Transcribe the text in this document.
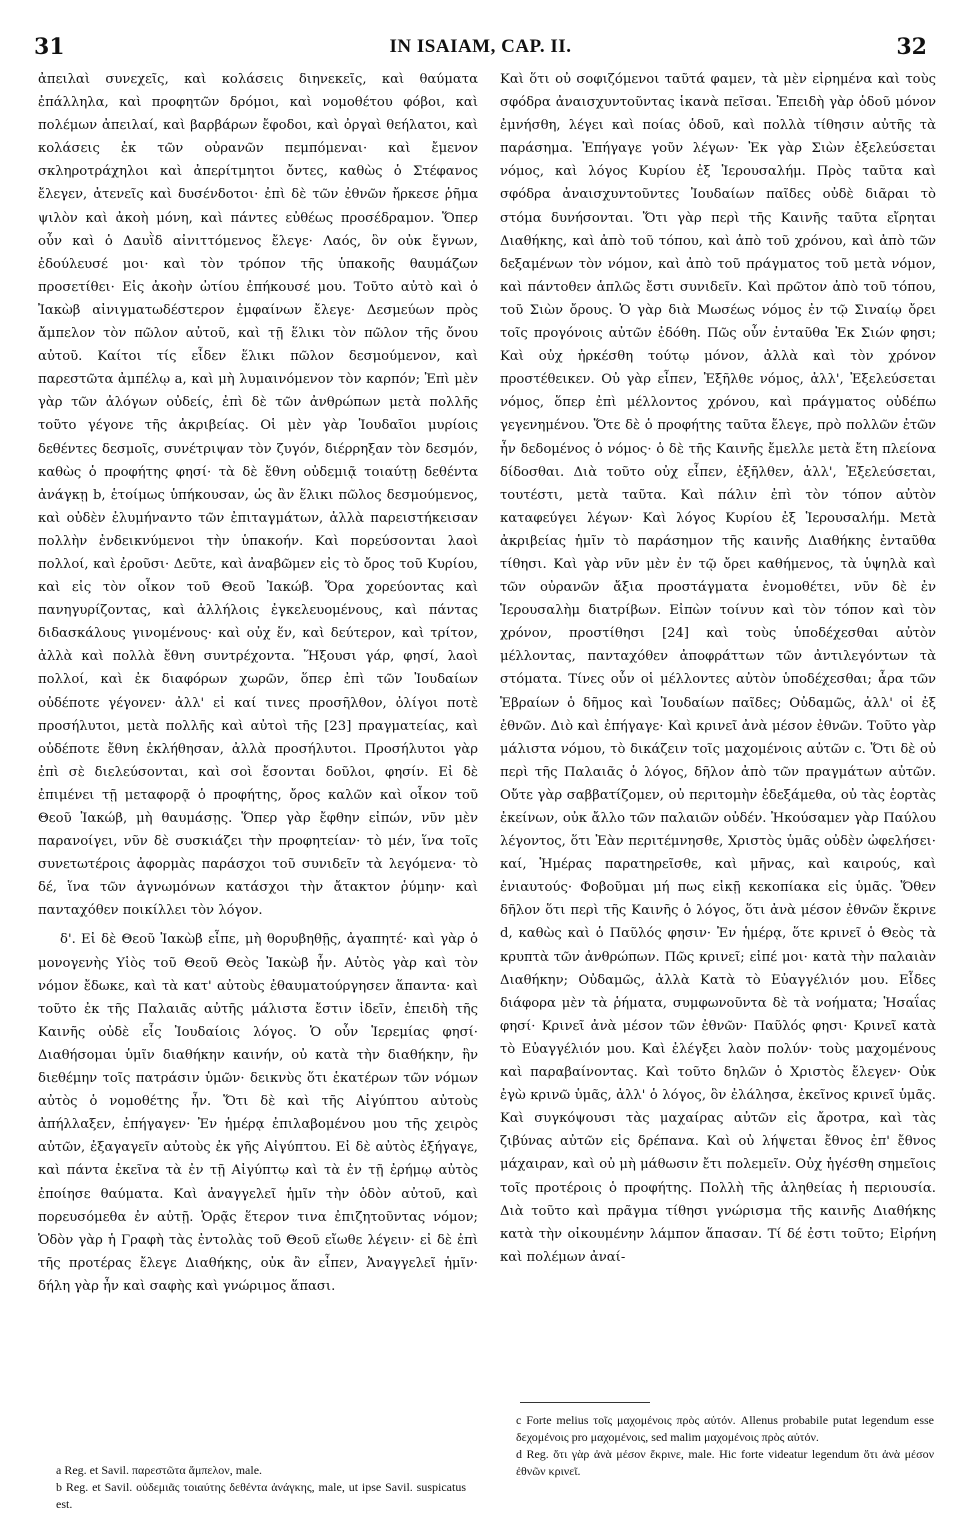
31	IN ISAIAM, CAP. II.	32

ἀπειλαὶ συνεχεῖς, καὶ κολάσεις διηνεκεῖς, καὶ θαύματα ἐπάλληλα, καὶ προφητῶν δρόμοι, καὶ νομοθέτου φόβοι, καὶ πολέμων ἀπειλαί, καὶ βαρβάρων ἔφοδοι, καὶ ὀργαὶ θεήλατοι, καὶ κολάσεις ἐκ τῶν οὐρανῶν πεμπόμεναι· καὶ ἔμενον σκληροτράχηλοι καὶ ἀπερίτμητοι ὄντες, καθὼς ὁ Στέφανος ἔλεγεν, ἀτενεῖς καὶ δυσένδοτοι· ἐπὶ δὲ τῶν ἐθνῶν ἤρκεσε ῥῆμα ψιλὸν καὶ ἀκοὴ μόνη, καὶ πάντες εὐθέως προσέδραμον. Ὅπερ οὖν καὶ ὁ Δαυῒδ αἰνιττόμενος ἔλεγε· Λαός, ὃν οὐκ ἔγνων, ἐδούλευσέ μοι· καὶ τὸν τρόπον τῆς ὑπακοῆς θαυμάζων προσετίθει· Εἰς ἀκοὴν ὠτίου ἐπήκουσέ μου. Τοῦτο αὐτὸ καὶ ὁ Ἰακὼβ αἰνιγματωδέστερον ἐμφαίνων ἔλεγε· Δεσμεύων πρὸς ἄμπελον τὸν πῶλον αὐτοῦ, καὶ τῇ ἕλικι τὸν πῶλον τῆς ὄνου αὐτοῦ. Καίτοι τίς εἶδεν ἕλικι πῶλον δεσμούμενον, καὶ παρεστῶτα ἀμπέλῳ a, καὶ μὴ λυμαινόμενον τὸν καρπόν; Ἐπὶ μὲν γὰρ τῶν ἀλόγων οὐδείς, ἐπὶ δὲ τῶν ἀνθρώπων μετὰ πολλῆς τοῦτο γέγονε τῆς ἀκριβείας. Οἱ μὲν γὰρ Ἰουδαῖοι μυρίοις δεθέντες δεσμοῖς, συνέτριψαν τὸν ζυγόν, διέρρηξαν τὸν δεσμόν, καθὼς ὁ προφήτης φησί· τὰ δὲ ἔθνη οὐδεμιᾷ τοιαύτῃ δεθέντα ἀνάγκῃ b, ἑτοίμως ὑπήκουσαν, ὡς ἂν ἕλικι πῶλος δεσμούμενος, καὶ οὐδὲν ἐλυμήναντο τῶν ἐπιταγμάτων, ἀλλὰ παρειστήκεισαν πολλὴν ἐνδεικνύμενοι τὴν ὑπακοήν. Καὶ πορεύσονται λαοὶ πολλοί, καὶ ἐροῦσι· Δεῦτε, καὶ ἀναβῶμεν εἰς τὸ ὄρος τοῦ Κυρίου, καὶ εἰς τὸν οἶκον τοῦ Θεοῦ Ἰακώβ. Ὅρα χορεύοντας καὶ πανηγυρίζοντας, καὶ ἀλλήλοις ἐγκελευομένους, καὶ πάντας διδασκάλους γινομένους· καὶ οὐχ ἕν, καὶ δεύτερον, καὶ τρίτον, ἀλλὰ καὶ πολλὰ ἔθνη συντρέχοντα. Ἥξουσι γάρ, φησί, λαοὶ πολλοί, καὶ ἐκ διαφόρων χωρῶν, ὅπερ ἐπὶ τῶν Ἰουδαίων οὐδέποτε γέγονεν· ἀλλ' εἰ καί τινες προσῆλθον, ὀλίγοι ποτὲ προσήλυτοι, μετὰ πολλῆς καὶ αὐτοὶ τῆς [23] πραγματείας, καὶ οὐδέποτε ἔθνη ἐκλήθησαν, ἀλλὰ προσήλυτοι. Προσήλυτοι γὰρ ἐπὶ σὲ διελεύσονται, καὶ σοὶ ἔσονται δοῦλοι, φησίν. Εἰ δὲ ἐπιμένει τῇ μεταφορᾷ ὁ προφήτης, ὄρος καλῶν καὶ οἶκον τοῦ Θεοῦ Ἰακώβ, μὴ θαυμάσῃς. Ὅπερ γὰρ ἔφθην εἰπών, νῦν μὲν παρανοίγει, νῦν δὲ συσκιάζει τὴν προφητείαν· τὸ μέν, ἵνα τοῖς συνετωτέροις ἀφορμὰς παράσχοι τοῦ συνιδεῖν τὰ λεγόμενα· τὸ δέ, ἵνα τῶν ἀγνωμόνων κατάσχοι τὴν ἄτακτον ῥύμην· καὶ πανταχόθεν ποικίλλει τὸν λόγον.

δ'. Εἰ δὲ Θεοῦ Ἰακὼβ εἶπε, μὴ θορυβηθῇς, ἀγαπητέ· καὶ γὰρ ὁ μονογενὴς Υἱὸς τοῦ Θεοῦ Θεὸς Ἰακὼβ ἦν. Αὐτὸς γὰρ καὶ τὸν νόμον ἔδωκε, καὶ τὰ κατ' αὐτοὺς ἐθαυματούργησεν ἅπαντα· καὶ τοῦτο ἐκ τῆς Παλαιᾶς αὐτῆς μάλιστα ἔστιν ἰδεῖν, ἐπειδὴ τῆς Καινῆς οὐδὲ εἷς Ἰουδαίοις λόγος. Ὁ οὖν Ἱερεμίας φησί· Διαθήσομαι ὑμῖν διαθήκην καινήν, οὐ κατὰ τὴν διαθήκην, ἣν διεθέμην τοῖς πατράσιν ὑμῶν· δεικνὺς ὅτι ἑκατέρων τῶν νόμων αὐτὸς ὁ νομοθέτης ἦν. Ὅτι δὲ καὶ τῆς Αἰγύπτου αὐτοὺς ἀπήλλαξεν, ἐπήγαγεν· Ἐν ἡμέρᾳ ἐπιλαβομένου μου τῆς χειρὸς αὐτῶν, ἐξαγαγεῖν αὐτοὺς ἐκ γῆς Αἰγύπτου. Εἰ δὲ αὐτὸς ἐξήγαγε, καὶ πάντα ἐκεῖνα τὰ ἐν τῇ Αἰγύπτῳ καὶ τὰ ἐν τῇ ἐρήμῳ αὐτὸς ἐποίησε θαύματα. Καὶ ἀναγγελεῖ ἡμῖν τὴν ὁδὸν αὐτοῦ, καὶ πορευσόμεθα ἐν αὐτῇ. Ὁρᾷς ἕτερον τινα ἐπιζητοῦντας νόμον; Ὁδὸν γὰρ ἡ Γραφὴ τὰς ἐντολὰς τοῦ Θεοῦ εἴωθε λέγειν· εἰ δὲ ἐπὶ τῆς προτέρας ἔλεγε Διαθήκης, οὐκ ἂν εἶπεν, Ἀναγγελεῖ ἡμῖν· δήλη γὰρ ἦν καὶ σαφὴς καὶ γνώριμος ἅπασι.

Καὶ ὅτι οὐ σοφιζόμενοι ταῦτά φαμεν, τὰ μὲν εἰρημένα καὶ τοὺς σφόδρα ἀναισχυντοῦντας ἱκανὰ πεῖσαι. Ἐπειδὴ γὰρ ὁδοῦ μόνον ἐμνήσθη, λέγει καὶ ποίας ὁδοῦ, καὶ πολλὰ τίθησιν αὐτῆς τὰ παράσημα. Ἐπήγαγε γοῦν λέγων· Ἐκ γὰρ Σιὼν ἐξελεύσεται νόμος, καὶ λόγος Κυρίου ἐξ Ἱερουσαλήμ. Πρὸς ταῦτα καὶ σφόδρα ἀναισχυντοῦντες Ἰουδαίων παῖδες οὐδὲ διᾶραι τὸ στόμα δυνήσονται. Ὅτι γὰρ περὶ τῆς Καινῆς ταῦτα εἴρηται Διαθήκης, καὶ ἀπὸ τοῦ τόπου, καὶ ἀπὸ τοῦ χρόνου, καὶ ἀπὸ τῶν δεξαμένων τὸν νόμον, καὶ ἀπὸ τοῦ πράγματος τοῦ μετὰ νόμον, καὶ πάντοθεν ἁπλῶς ἔστι συνιδεῖν. Καὶ πρῶτον ἀπὸ τοῦ τόπου, τοῦ Σιὼν ὄρους. Ὁ γὰρ διὰ Μωσέως νόμος ἐν τῷ Σιναίῳ ὄρει τοῖς προγόνοις αὐτῶν ἐδόθη. Πῶς οὖν ἐνταῦθα Ἐκ Σιών φησι; Καὶ οὐχ ἠρκέσθη τούτῳ μόνον, ἀλλὰ καὶ τὸν χρόνον προστέθεικεν. Οὐ γὰρ εἶπεν, Ἐξῆλθε νόμος, ἀλλ', Ἐξελεύσεται νόμος, ὅπερ ἐπὶ μέλλοντος χρόνου, καὶ πράγματος οὐδέπω γεγενημένου. Ὅτε δὲ ὁ προφήτης ταῦτα ἔλεγε, πρὸ πολλῶν ἐτῶν ἦν δεδομένος ὁ νόμος· ὁ δὲ τῆς Καινῆς ἔμελλε μετὰ ἔτη πλείονα δίδοσθαι. Διὰ τοῦτο οὐχ εἶπεν, ἐξῆλθεν, ἀλλ', Ἐξελεύσεται, τουτέστι, μετὰ ταῦτα. Καὶ πάλιν ἐπὶ τὸν τόπον αὐτὸν καταφεύγει λέγων· Καὶ λόγος Κυρίου ἐξ Ἱερουσαλήμ. Μετὰ ἀκριβείας ἡμῖν τὸ παράσημον τῆς καινῆς Διαθήκης ἐνταῦθα τίθησι. Καὶ γὰρ νῦν μὲν ἐν τῷ ὄρει καθήμενος, τὰ ὑψηλὰ καὶ τῶν οὐρανῶν ἄξια προστάγματα ἐνομοθέτει, νῦν δὲ ἐν Ἱερουσαλὴμ διατρίβων. Εἰπὼν τοίνυν καὶ τὸν τόπον καὶ τὸν χρόνον, προστίθησι [24] καὶ τοὺς ὑποδέχεσθαι αὐτὸν μέλλοντας, πανταχόθεν ἀποφράττων τῶν ἀντιλεγόντων τὰ στόματα. Τίνες οὖν οἱ μέλλοντες αὐτὸν ὑποδέχεσθαι; ἆρα τῶν Ἑβραίων ὁ δῆμος καὶ Ἰουδαίων παῖδες; Οὐδαμῶς, ἀλλ' οἱ ἐξ ἐθνῶν. Διὸ καὶ ἐπήγαγε· Καὶ κρινεῖ ἀνὰ μέσον ἐθνῶν. Τοῦτο γὰρ μάλιστα νόμου, τὸ δικάζειν τοῖς μαχομένοις αὐτῶν c. Ὅτι δὲ οὐ περὶ τῆς Παλαιᾶς ὁ λόγος, δῆλον ἀπὸ τῶν πραγμάτων αὐτῶν. Οὔτε γὰρ σαββατίζομεν, οὐ περιτομὴν ἐδεξάμεθα, οὐ τὰς ἑορτὰς ἐκείνων, οὐκ ἄλλο τῶν παλαιῶν οὐδέν. Ἠκούσαμεν γὰρ Παύλου λέγοντος, ὅτι Ἐὰν περιτέμνησθε, Χριστὸς ὑμᾶς οὐδὲν ὠφελήσει· καί, Ἡμέρας παρατηρεῖσθε, καὶ μῆνας, καὶ καιρούς, καὶ ἐνιαυτούς· Φοβοῦμαι μή πως εἰκῇ κεκοπίακα εἰς ὑμᾶς. Ὅθεν δῆλον ὅτι περὶ τῆς Καινῆς ὁ λόγος, ὅτι ἀνὰ μέσον ἐθνῶν ἔκρινε d, καθὼς καὶ ὁ Παῦλός φησιν· Ἐν ἡμέρᾳ, ὅτε κρινεῖ ὁ Θεὸς τὰ κρυπτὰ τῶν ἀνθρώπων. Πῶς κρινεῖ; εἰπέ μοι· κατὰ τὴν παλαιὰν Διαθήκην; Οὐδαμῶς, ἀλλὰ Κατὰ τὸ Εὐαγγέλιόν μου. Εἶδες διάφορα μὲν τὰ ῥήματα, συμφωνοῦντα δὲ τὰ νοήματα; Ἡσαΐας φησί· Κρινεῖ ἀνὰ μέσον τῶν ἐθνῶν· Παῦλός φησι· Κρινεῖ κατὰ τὸ Εὐαγγέλιόν μου. Καὶ ἐλέγξει λαὸν πολύν· τοὺς μαχομένους καὶ παραβαίνοντας. Καὶ τοῦτο δηλῶν ὁ Χριστὸς ἔλεγεν· Οὐκ ἐγὼ κρινῶ ὑμᾶς, ἀλλ' ὁ λόγος, ὃν ἐλάλησα, ἐκεῖνος κρινεῖ ὑμᾶς. Καὶ συγκόψουσι τὰς μαχαίρας αὐτῶν εἰς ἄροτρα, καὶ τὰς ζιβύνας αὐτῶν εἰς δρέπανα. Καὶ οὐ λήψεται ἔθνος ἐπ' ἔθνος μάχαιραν, καὶ οὐ μὴ μάθωσιν ἔτι πολεμεῖν. Οὐχ ἡγέσθη σημεῖοις τοῖς προτέροις ὁ προφήτης. Πολλὴ τῆς ἀληθείας ἡ περιουσία. Διὰ τοῦτο καὶ πρᾶγμα τίθησι γνώρισμα τῆς καινῆς Διαθήκης κατὰ τὴν οἰκουμένην λάμπον ἅπασαν. Τί δέ ἐστι τοῦτο; Εἰρήνη καὶ πολέμων ἀναί-

a Reg. et Savil. παρεστῶτα ἄμπελον, male.
b Reg. et Savil. οὐδεμιᾶς τοιαύτης δεθέντα ἀνάγκης, male, ut ipse Savil. suspicatus est.
c Forte melius τοῖς μαχομένοις πρὸς αὐτόν. Allenus probabile putat legendum esse δεχομένοις pro μαχομένοις, sed malim μαχομένοις πρὸς αὐτόν.
d Reg. ὅτι γὰρ ἀνὰ μέσον ἔκρινε, male. Hic forte videatur legendum ὅτι ἀνὰ μέσον ἐθνῶν κρινεῖ.
